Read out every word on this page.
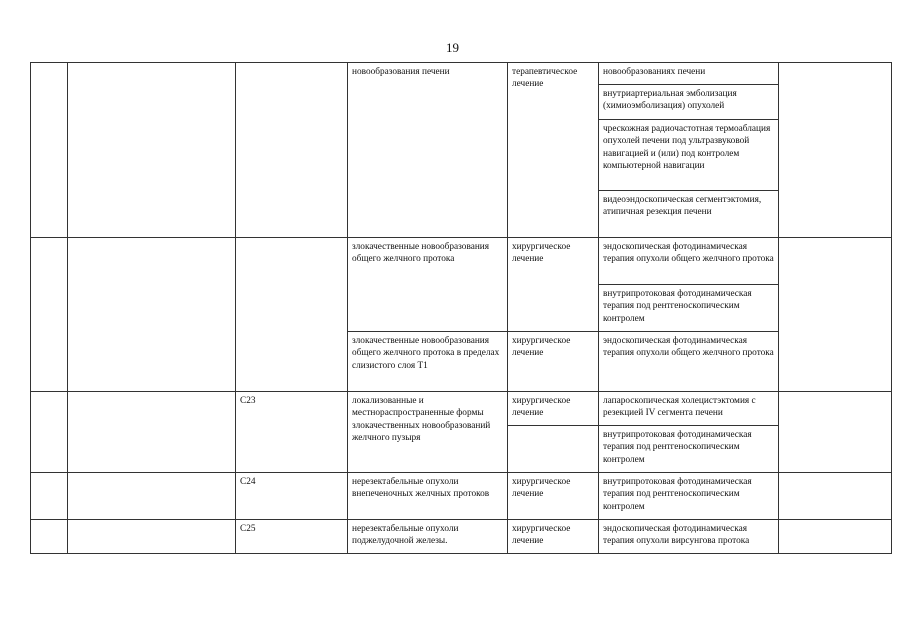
19
			новообразования печени	терапевтическое лечение	новообразованиях печени	
					внутриартериальная эмболизация (химиоэмболизация) опухолей	
					чрескожная радиочастотная термоаблация опухолей печени под ультразвуковой навигацией и (или) под контролем компьютерной навигации	
					видеоэндоскопическая сегментэктомия, атипичная резекция печени	
			злокачественные новообразования общего желчного протока	хирургическое лечение	эндоскопическая фотодинамическая терапия опухоли общего желчного протока	
					внутрипротоковая фотодинамическая терапия под рентгеноскопическим контролем	
			злокачественные новообразования общего желчного протока в пределах слизистого слоя T1	хирургическое лечение	эндоскопическая фотодинамическая терапия опухоли общего желчного протока	
		C23	локализованные и местнораспространенные формы злокачественных новообразований желчного пузыря	хирургическое лечение	лапароскопическая холецистэктомия с резекцией IV сегмента печени	
					внутрипротоковая фотодинамическая терапия под рентгеноскопическим контролем	
		C24	нерезектабельные опухоли внепеченочных желчных протоков	хирургическое лечение	внутрипротоковая фотодинамическая терапия под рентгеноскопическим контролем	
		C25	нерезектабельные опухоли поджелудочной железы.	хирургическое лечение	эндоскопическая фотодинамическая терапия опухоли вирсунгова протока	
